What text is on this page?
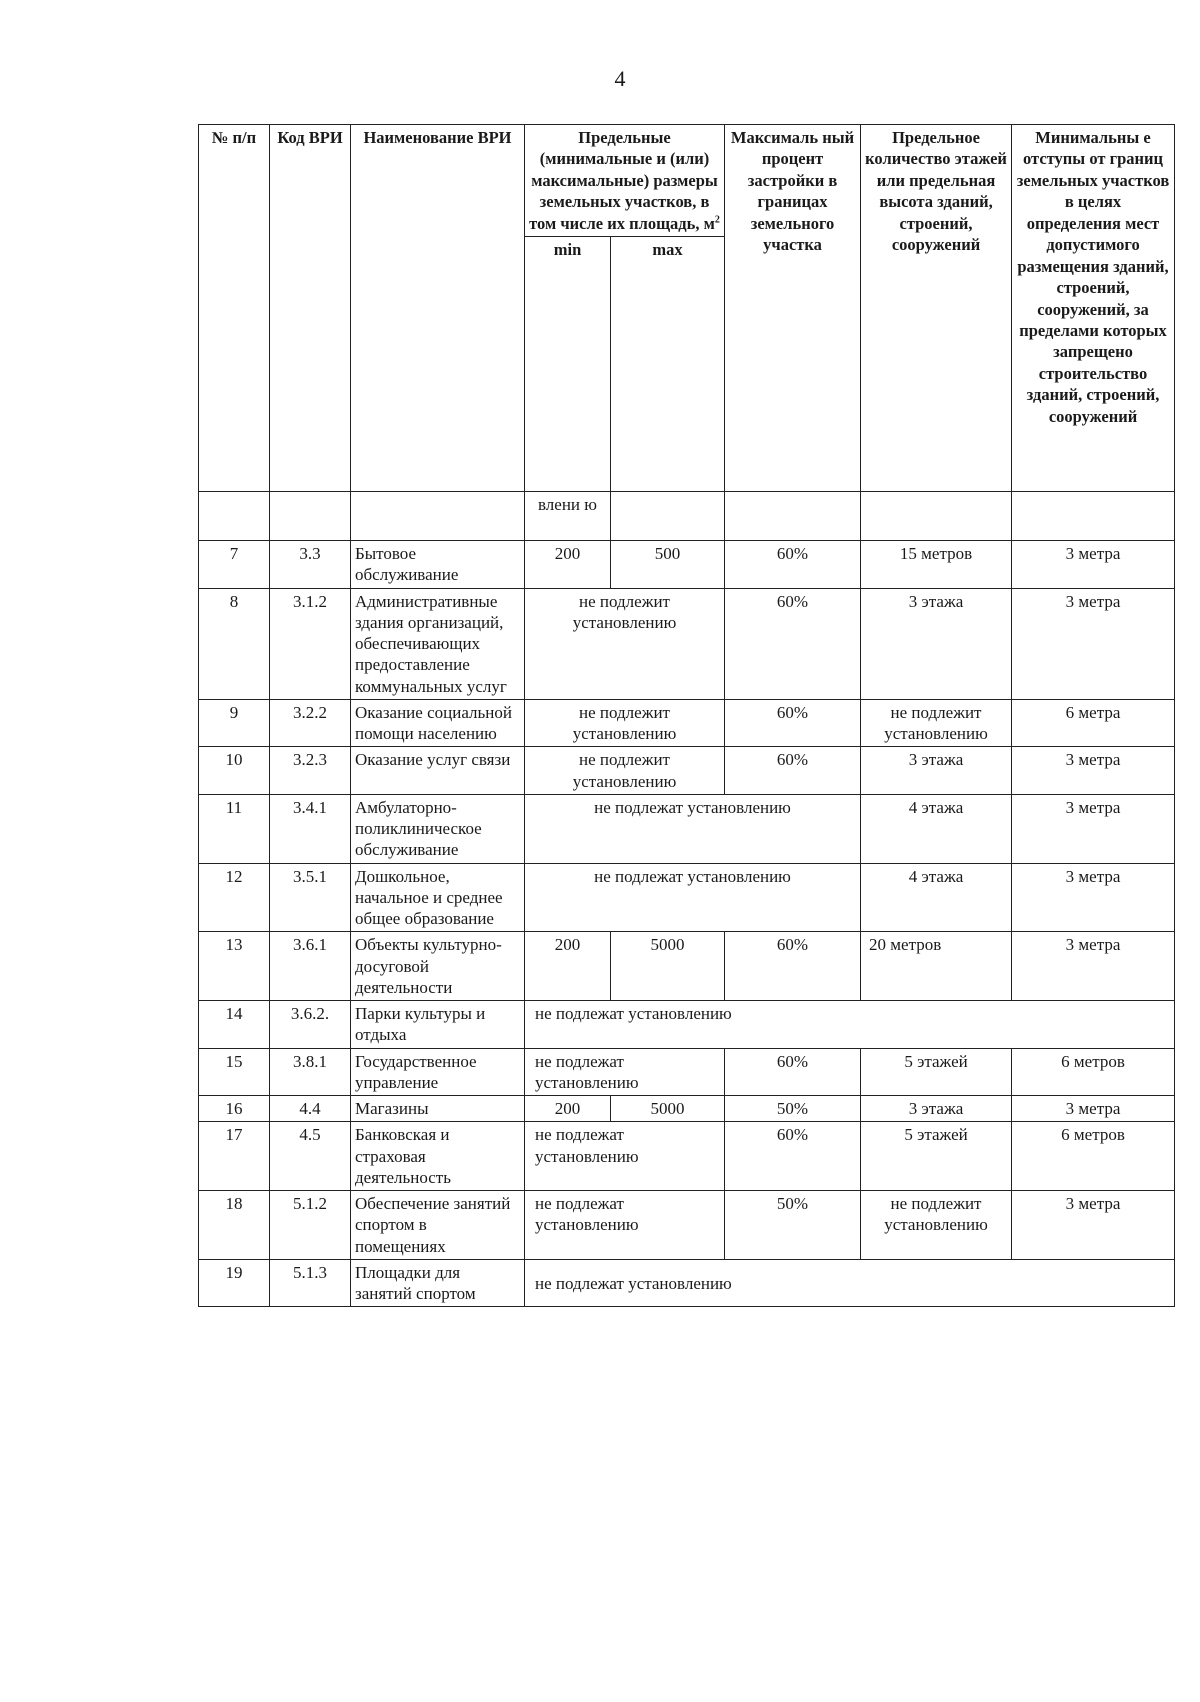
4
№ п/п	Код ВРИ	Наименование ВРИ	Предельные (минимальные и (или) максимальные) размеры земельных участков, в том числе их площадь, $м^2$		Максималь ный процент застройки в границах земельного участка	Предельное количество этажей или предельная высота зданий, строений, сооружений	Минимальны е отступы от границ земельных участков в целях определения мест допустимого размещения зданий, строений, сооружений, за пределами которых запрещено строительство зданий, строений, сооружений
			min	max			
			влени ю				
7	3.3	Бытовое обслуживание	200	500	60%	15 метров	3 метра
8	3.1.2	Административные здания организаций, обеспечивающих предоставление коммунальных услуг	не подлежит установлению		60%	3 этажа	3 метра
9	3.2.2	Оказание социальной помощи населению	не подлежит установлению		60%	не подлежит установлению	6 метра
10	3.2.3	Оказание услуг связи	не подлежит установлению		60%	3 этажа	3 метра
11	3.4.1	Амбулаторно-поликлиническое обслуживание	не подлежат установлению			4 этажа	3 метра
12	3.5.1	Дошкольное, начальное и среднее общее образование	не подлежат установлению			4 этажа	3 метра
13	3.6.1	Объекты культурно-досуговой деятельности	200	5000	60%	20 метров	3 метра
14	3.6.2.	Парки культуры и отдыха	не подлежат установлению				
15	3.8.1	Государственное управление	не подлежат установлению		60%	5 этажей	6 метров
16	4.4	Магазины	200	5000	50%	3 этажа	3 метра
17	4.5	Банковская и страховая деятельность	не подлежат установлению		60%	5 этажей	6 метров
18	5.1.2	Обеспечение занятий спортом в помещениях	не подлежат установлению		50%	не подлежит установлению	3 метра
19	5.1.3	Площадки для занятий спортом	не подлежат установлению				
